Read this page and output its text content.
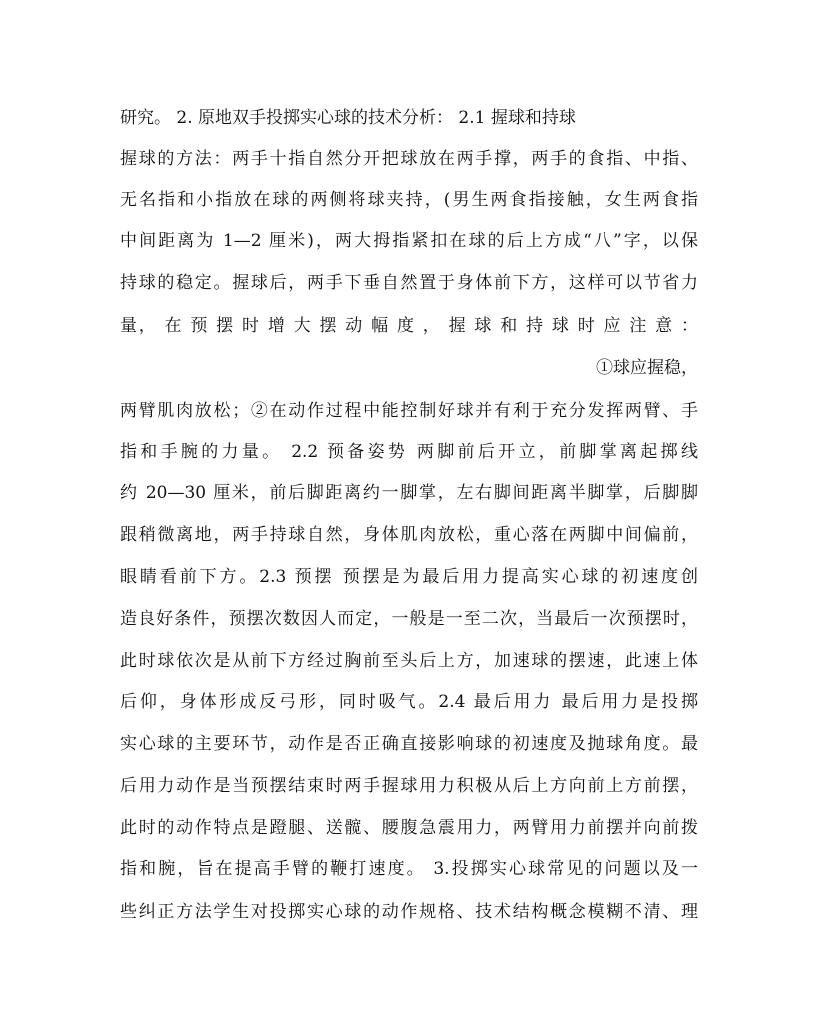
研究。 2. 原地双手投掷实心球的技术分析： 2.1 握球和持球
握球的方法：两手十指自然分开把球放在两手撑，两手的食指、中指、
无名指和小指放在球的两侧将球夹持，(男生两食指接触，女生两食指
中间距离为 1—2 厘米)，两大拇指紧扣在球的后上方成“八”字，以保
持球的稳定。握球后，两手下垂自然置于身体前下方，这样可以节省力
量， 在 预 摆 时 增 大 摆 动 幅 度 ， 握 球 和 持 球 时 应 注 意 ：
①球应握稳，
两臂肌肉放松；②在动作过程中能控制好球并有利于充分发挥两臂、手
指和手腕的力量。 2.2 预备姿势 两脚前后开立，前脚掌离起掷线
约 20—30 厘米，前后脚距离约一脚掌，左右脚间距离半脚掌，后脚脚
跟稍微离地，两手持球自然，身体肌肉放松，重心落在两脚中间偏前，
眼睛看前下方。2.3 预摆 预摆是为最后用力提高实心球的初速度创
造良好条件，预摆次数因人而定，一般是一至二次，当最后一次预摆时，
此时球依次是从前下方经过胸前至头后上方，加速球的摆速，此速上体
后仰，身体形成反弓形，同时吸气。2.4 最后用力 最后用力是投掷
实心球的主要环节，动作是否正确直接影响球的初速度及抛球角度。最
后用力动作是当预摆结束时两手握球用力积极从后上方向前上方前摆，
此时的动作特点是蹬腿、送髋、腰腹急震用力，两臂用力前摆并向前拨
指和腕，旨在提高手臂的鞭打速度。 3.投掷实心球常见的问题以及一
些纠正方法学生对投掷实心球的动作规格、技术结构概念模糊不清、理
